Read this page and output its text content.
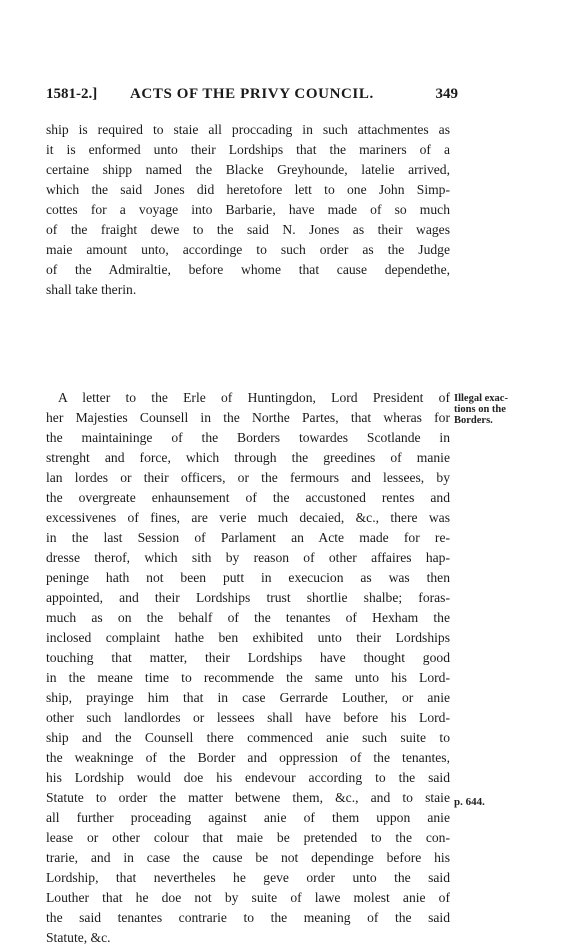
1581-2.] ACTS OF THE PRIVY COUNCIL.	349
ship is required to staie all proccading in such attachmentes as
it is enformed unto their Lordships that the mariners of a
certaine shipp named the Blacke Greyhounde, latelie arrived,
which the said Jones did heretofore lett to one John Simp-
cottes for a voyage into Barbarie, have made of so much
of the fraight dewe to the said N. Jones as their wages
maie amount unto, accordinge to such order as the Judge
of the Admiraltie, before whome that cause dependethe,
shall take therin.
A letter to the Erle of Huntingdon, Lord President of
her Majesties Counsell in the Northe Partes, that wheras for
the maintaininge of the Borders towardes Scotlande in
strenght and force, which through the greedines of manie
lan lordes or their officers, or the fermours and lessees, by
the overgreate enhaunsement of the accustoned rentes and
excessivenes of fines, are verie much decaied, &c., there was
in the last Session of Parlament an Acte made for re-
dresse therof, which sith by reason of other affaires hap-
peninge hath not been putt in execucion as was then
appointed, and their Lordships trust shortlie shalbe; foras-
much as on the behalf of the tenantes of Hexham the
inclosed complaint hathe ben exhibited unto their Lordships
touching that matter, their Lordships have thought good
in the meane time to recommende the same unto his Lord-
ship, prayinge him that in case Gerrarde Louther, or anie
other such landlordes or lessees shall have before his Lord-
ship and the Counsell there commenced anie such suite to
the weakninge of the Border and oppression of the tenantes,
his Lordship would doe his endevour according to the said
Statute to order the matter betwene them, &c., and to staie
all further proceading against anie of them uppon anie
lease or other colour that maie be pretended to the con-
trarie, and in case the cause be not dependinge before his
Lordship, that nevertheles he geve order unto the said
Louther that he doe not by suite of lawe molest anie of
the said tenantes contrarie to the meaning of the said
Statute, &c.
Illegal exac-
tions on the
Borders.
p. 644.
